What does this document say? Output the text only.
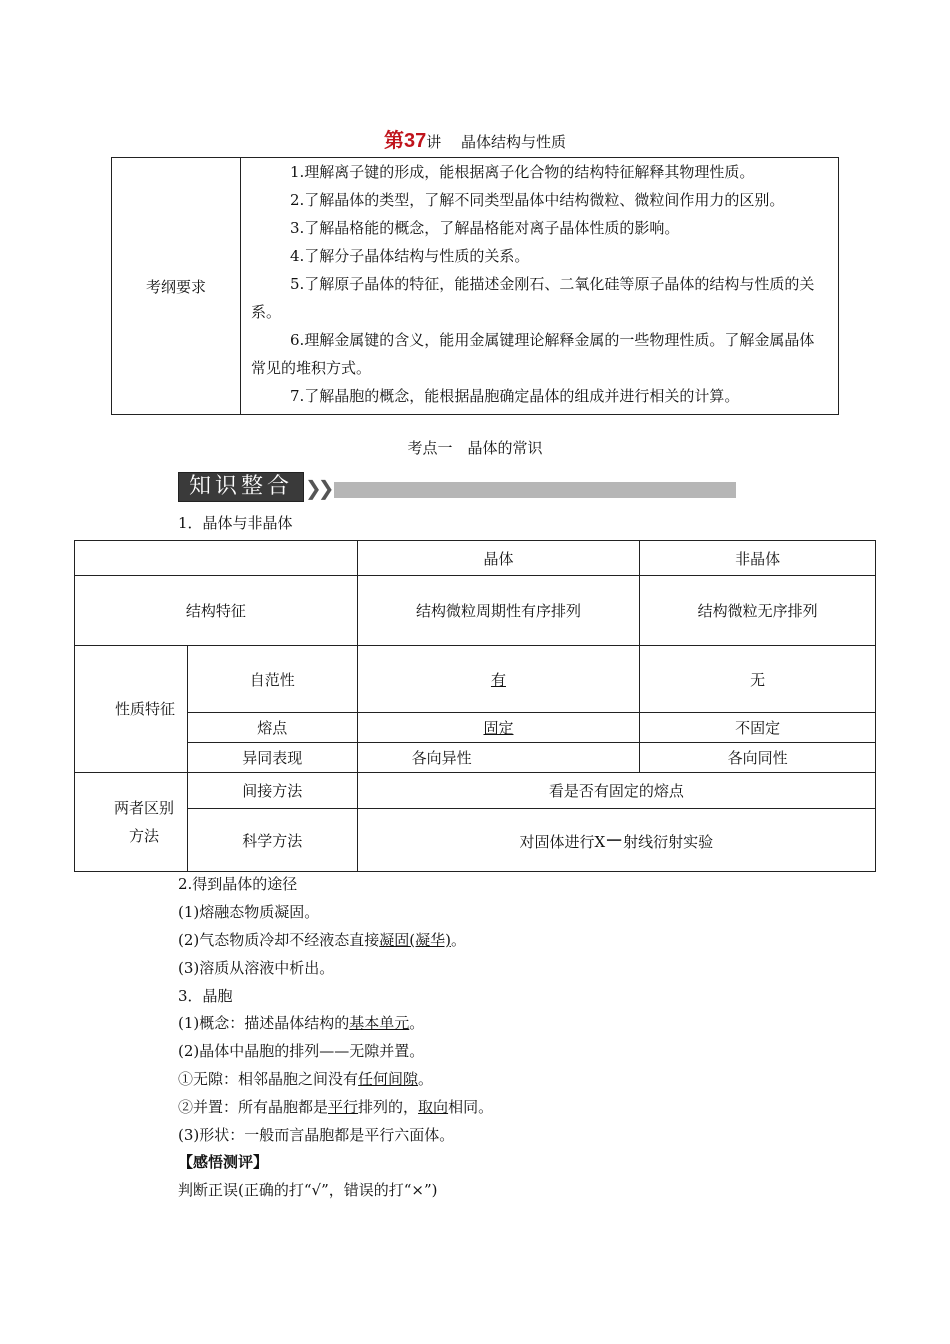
第37讲　 晶体结构与性质
考纲要求	

1.理解离子键的形成，能根据离子化合物的结构特征解释其物理性质。

2.了解晶体的类型，了解不同类型晶体中结构微粒、微粒间作用力的区别。

3.了解晶格能的概念，了解晶格能对离子晶体性质的影响。

4.了解分子晶体结构与性质的关系。

5.了解原子晶体的特征，能描述金刚石、二氧化硅等原子晶体的结构与性质的关系。

6.理解金属键的含义，能用金属键理论解释金属的一些物理性质。了解金属晶体常见的堆积方式。

7.了解晶胞的概念，能根据晶胞确定晶体的组成并进行相关的计算。

考点一　晶体的常识
知识整合 ❯❯
1．晶体与非晶体
		晶体	非晶体
结构特征		结构微粒周期性有序排列	结构微粒无序排列
性质特征	自范性	有	无
	熔点	固定	不固定
	异同表现	各向异性	各向同性
两者区别方法	间接方法	看是否有固定的熔点	
	科学方法	对固体进行X－射线衍射实验	
2.得到晶体的途径
(1)熔融态物质凝固。
(2)气态物质冷却不经液态直接凝固(凝华)。
(3)溶质从溶液中析出。
3．晶胞
(1)概念：描述晶体结构的基本单元。
(2)晶体中晶胞的排列——无隙并置。
①无隙：相邻晶胞之间没有任何间隙。
②并置：所有晶胞都是平行排列的，取向相同。
(3)形状：一般而言晶胞都是平行六面体。
【感悟测评】
判断正误(正确的打“√”，错误的打“×”)
